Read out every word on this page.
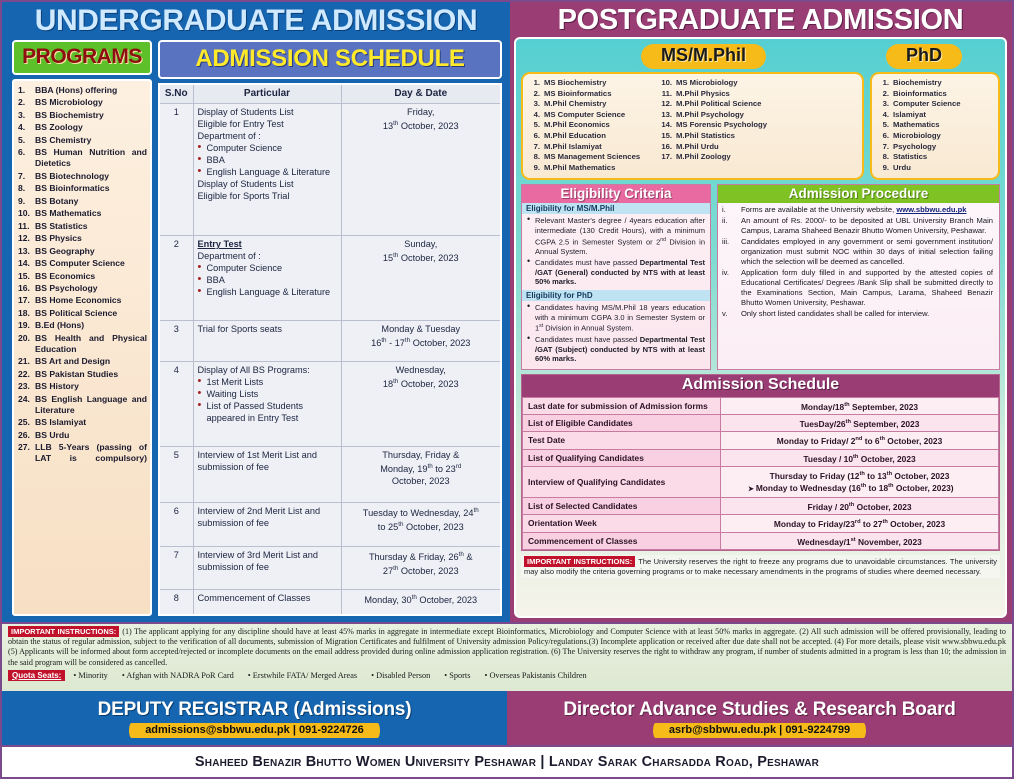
UNDERGRADUATE ADMISSION
PROGRAMS
1.	BBA (Hons) offering
2.	BS Microbiology
3.	BS Biochemistry
4.	BS Zoology
5.	BS Chemistry
6.	BS Human Nutrition and Dietetics
7.	BS Biotechnology
8.	BS Bioinformatics
9.	BS Botany
10. BS Mathematics
11. BS Statistics
12. BS Physics
13. BS Geography
14. BS Computer Science
15. BS Economics
16. BS Psychology
17. BS Home Economics
18. BS Political Science
19. B.Ed (Hons)
20. BS Health and Physical Education
21. BS Art and Design
22. BS Pakistan Studies
23. BS History
24. BS English Language and Literature
25. BS Islamiyat
26. BS Urdu
27. LLB 5-Years (passing of LAT is compulsory)
ADMISSION SCHEDULE
S.No	Particular	Day & Date
1	Display of Students List
Eligible for Entry Test
Department of :
• Computer Science
• BBA
• English Language & Literature
Display of Students List
Eligible for Sports Trial
	Friday,
13th October, 2023
2	Entry Test
Department of :
• Computer Science
• BBA
• English Language & Literature
	Sunday,
15th October, 2023
3	Trial for Sports seats	Monday & Tuesday
16th - 17th October, 2023
4	Display of All BS Programs:
• 1st Merit Lists
• Waiting Lists
• List of Passed Students appeared in Entry Test
	Wednesday,
18th October, 2023
5	Interview of 1st Merit List and submission of fee	Thursday, Friday &
Monday, 19th to 23rd
October, 2023
6	Interview of 2nd Merit List and submission of fee	Tuesday to Wednesday, 24th
to 25th October, 2023
7	Interview of 3rd Merit List and submission of fee	Thursday & Friday, 26th &
27th October, 2023
8	Commencement of Classes	Monday, 30th October, 2023
POSTGRADUATE ADMISSION
MS/M.Phil	PhD
1. MS Biochemistry
2. MS Bioinformatics
3. M.Phil Chemistry
4. MS Computer Science
5. M.Phil Economics
6. M.Phil Education
7. M.Phil Islamiyat
8. MS Management Sciences
9. M.Phil Mathematics
10. MS Microbiology
11. M.Phil Physics
12. M.Phil Political Science
13. M.Phil Psychology
14. MS Forensic Psychology
15. M.Phil Statistics
16. M.Phil Urdu
17. M.Phil Zoology
1. Biochemistry
2. Bioinformatics
3. Computer Science
4. Islamiyat
5. Mathematics
6. Microbiology
7. Psychology
8. Statistics
9. Urdu
Eligibility Criteria
Eligibility for MS/M.Phil
• Relevant Master's degree / 4years education after intermediate (130 Credit Hours), with a minimum CGPA 2.5 in Semester System or 2nd Division in Annual System.
• Candidates must have passed Departmental Test /GAT (General) conducted by NTS with at least 50% marks.
Eligibility for PhD
• Candidates having MS/M.Phil 18 years education with a minimum CGPA 3.0 in Semester System or 1st Division in Annual System.
• Candidates must have passed Departmental Test /GAT (Subject) conducted by NTS with at least 60% marks.
Admission Procedure
i.	Forms are available at the University website, www.sbbwu.edu.pk
ii.	An amount of Rs. 2000/- to be deposited at UBL University Branch Main Campus, Larama Shaheed Benazir Bhutto Women University, Peshawar.
iii.	Candidates employed in any government or semi government institution/ organization must submit NOC within 30 days of initial selection failing which the selection will be deemed as cancelled.
iv.	Application form duly filled in and supported by the attested copies of Educational Certificates/ Degrees /Bank Slip shall be submitted directly to the Examinations Section, Main Campus, Larama, Shaheed Benazir Bhutto Women University, Peshawar.
v.	Only short listed candidates shall be called for interview.
Admission Schedule
Last date for submission of Admission forms	Monday/18th September, 2023
List of Eligible Candidates	TuesDay/26th September, 2023
Test Date	Monday to Friday/ 2nd to 6th October, 2023
List of Qualifying Candidates	Tuesday / 10th October, 2023
Interview of Qualifying Candidates	Thursday to Friday (12th to 13th October, 2023
➤ Monday to Wednesday (16th to 18th October, 2023)

List of Selected Candidates	Friday / 20th October, 2023
Orientation Week	Monday to Friday/23rd to 27th October, 2023
Commencement of Classes	Wednesday/1st November, 2023
IMPORTANT INSTRUCTIONS: The University reserves the right to freeze any programs due to unavoidable circumstances. The university may also modify the criteria governing programs or to make necessary amendments in the programs of studies where deemed necessary.

IMPORTANT INSTRUCTIONS: (1) The applicant applying for any discipline should have at least 45% marks in aggregate in intermediate except Bioinformatics, Microbiology and Computer Science with at least 50% marks in aggregate. (2) All such admission will be offered provisionally, leading to obtain the status of regular admission, subject to the verification of all documents, submission of Migration Certificates and fulfilment of University admission Policy/regulations.(3) Incomplete application or received after due date shall not be accepted. (4) For more details, please visit www.sbbwu.edu.pk (5) Applicants will be informed about form accepted/rejected or incomplete documents on the email address provided during online admission application registration. (6) The University reserves the right to withdraw any program, if number of students admitted in a program is less than 10; the admission in the said program will be considered as cancelled.

Quota Seats:	• Minority • Afghan with NADRA PoR Card • Erstwhile FATA/ Merged Areas • Disabled Person • Sports • Overseas Pakistanis Children
DEPUTY REGISTRAR (Admissions)
admissions@sbbwu.edu.pk | 091-9224726
Director Advance Studies & Research Board
asrb@sbbwu.edu.pk | 091-9224799
Shaheed Benazir Bhutto Women University Peshawar | Landay Sarak Charsadda Road, Peshawar
